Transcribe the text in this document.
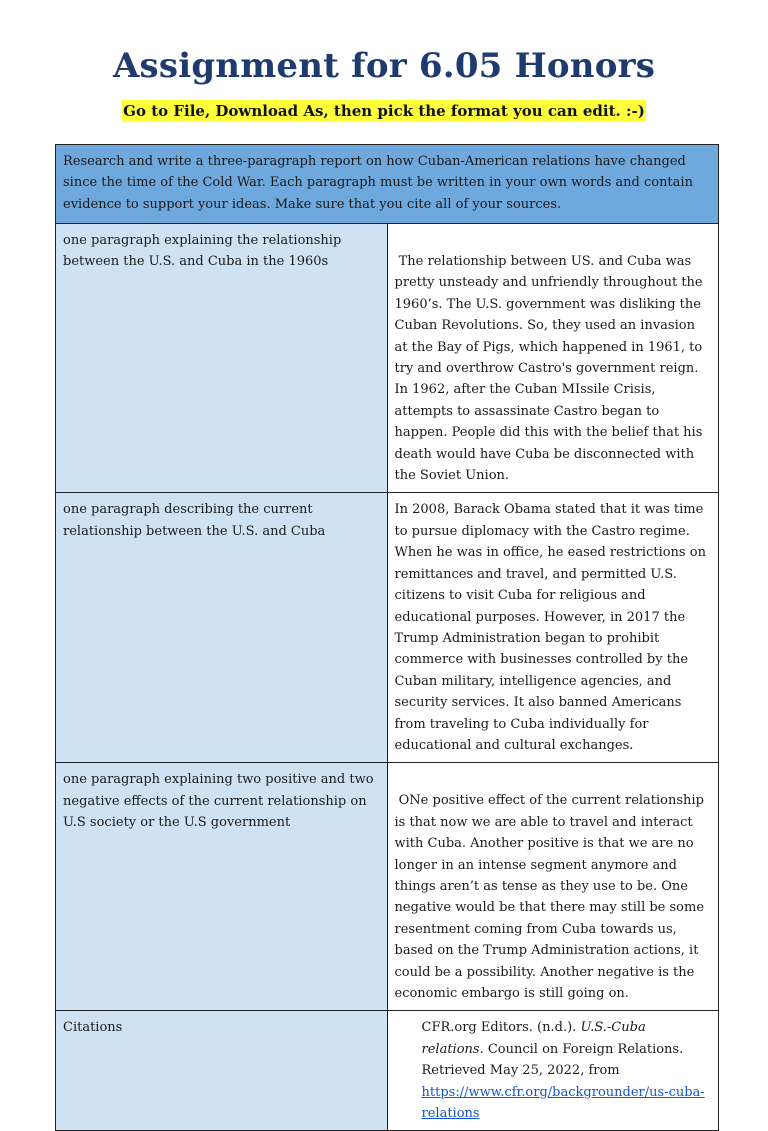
Assignment for 6.05 Honors
Go to File, Download As, then pick the format you can edit. :-)
Research and write a three-paragraph report on how Cuban-American relations have changed since the time of the Cold War. Each paragraph must be written in your own words and contain evidence to support your ideas. Make sure that you cite all of your sources.	
one paragraph explaining the relationship between the U.S. and Cuba in the 1960s	The relationship between US. and Cuba was pretty unsteady and unfriendly throughout the 1960’s. The U.S. government was disliking the Cuban Revolutions. So, they used an invasion at the Bay of Pigs, which happened in 1961, to try and overthrow Castro's government reign. In 1962, after the Cuban MIssile Crisis, attempts to assassinate Castro began to happen. People did this with the belief that his death would have Cuba be disconnected with the Soviet Union.
one paragraph describing the current relationship between the U.S. and Cuba	In 2008, Barack Obama stated that it was time to pursue diplomacy with the Castro regime. When he was in office, he eased restrictions on remittances and travel, and permitted U.S. citizens to visit Cuba for religious and educational purposes. However, in 2017 the Trump Administration began to prohibit commerce with businesses controlled by the Cuban military, intelligence agencies, and security services. It also banned Americans from traveling to Cuba individually for educational and cultural exchanges.
one paragraph explaining two positive and two negative effects of the current relationship on U.S society or the U.S government	ONe positive effect of the current relationship is that now we are able to travel and interact with Cuba. Another positive is that we are no longer in an intense segment anymore and things aren’t as tense as they use to be. One negative would be that there may still be some resentment coming from Cuba towards us, based on the Trump Administration actions, it could be a possibility. Another negative is the economic embargo is still going on.
Citations	CFR.org Editors. (n.d.). U.S.-Cuba relations. Council on Foreign Relations. Retrieved May 25, 2022, from
https://www.cfr.org/backgrounder/us-cuba-relations
